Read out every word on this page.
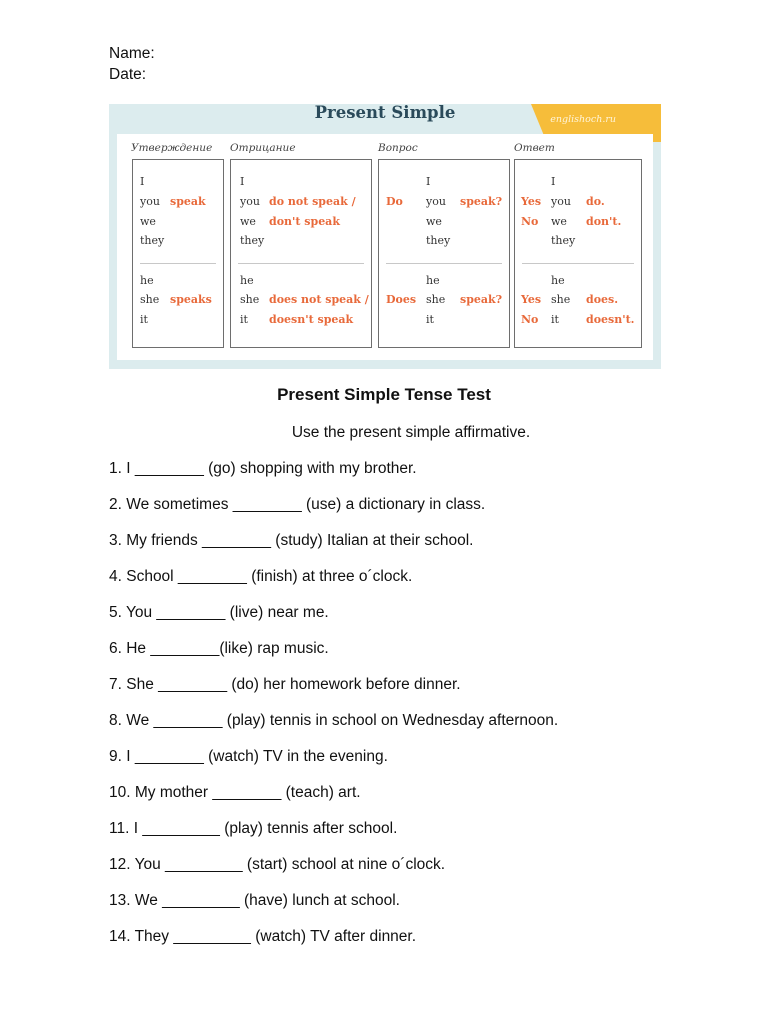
Name:
Date:
englishoch.ru
Present Simple
Утверждение Отрицание	Вопрос	Ответ
I
you speak
we
they
he
she speaks
it
I
you do not speak /
we don't speak
they
he
she does not speak /
it doesn't speak
I
Do you speak?
we
they
he
Does she speak?
it
I
Yes you do.
No we don't.
they
he
Yes she does.
No it doesn't.
Present Simple Tense Test
Use the present simple affirmative.
1. I ________ (go) shopping with my brother.
2. We sometimes ________ (use) a dictionary in class.
3. My friends ________ (study) Italian at their school.
4. School ________ (finish) at three o´clock.
5. You ________ (live) near me.
6. He ________(like) rap music.
7. She ________ (do) her homework before dinner.
8. We ________ (play) tennis in school on Wednesday afternoon.
9. I ________ (watch) TV in the evening.
10. My mother ________ (teach) art.
11. I _________ (play) tennis after school.
12. You _________ (start) school at nine o´clock.
13. We _________ (have) lunch at school.
14. They _________ (watch) TV after dinner.
